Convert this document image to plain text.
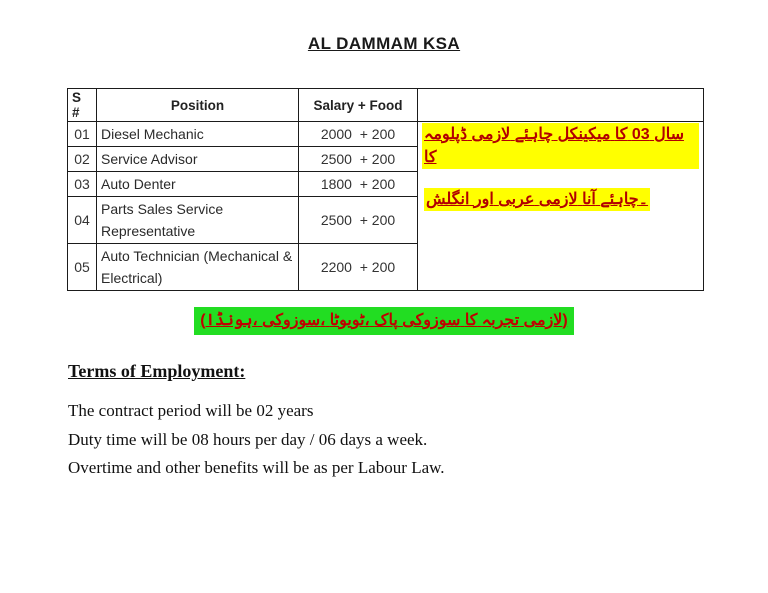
AL DAMMAM KSA
S #	Position	Salary + Food	
01	Diesel Mechanic	2000  + 200	ڈپلومہ لازمی چاہئے میکینکل کا 03 سال کا
انگلش اور عربی لازمی آنا چاہئے۔

02	Service Advisor	2500  + 200	
03	Auto Denter	1800  + 200	
04	Parts Sales Service
Representative	2500  + 200	
05	Auto Technician (Mechanical &
Electrical)	2200  + 200	
(ہونڈا، سوزوکی، ٹویوٹا، پاک سوزوکی کا تجربہ لازمی)
Terms of Employment:
The contract period will be 02 years
Duty time will be 08 hours per day / 06 days a week.
Overtime and other benefits will be as per Labour Law.
